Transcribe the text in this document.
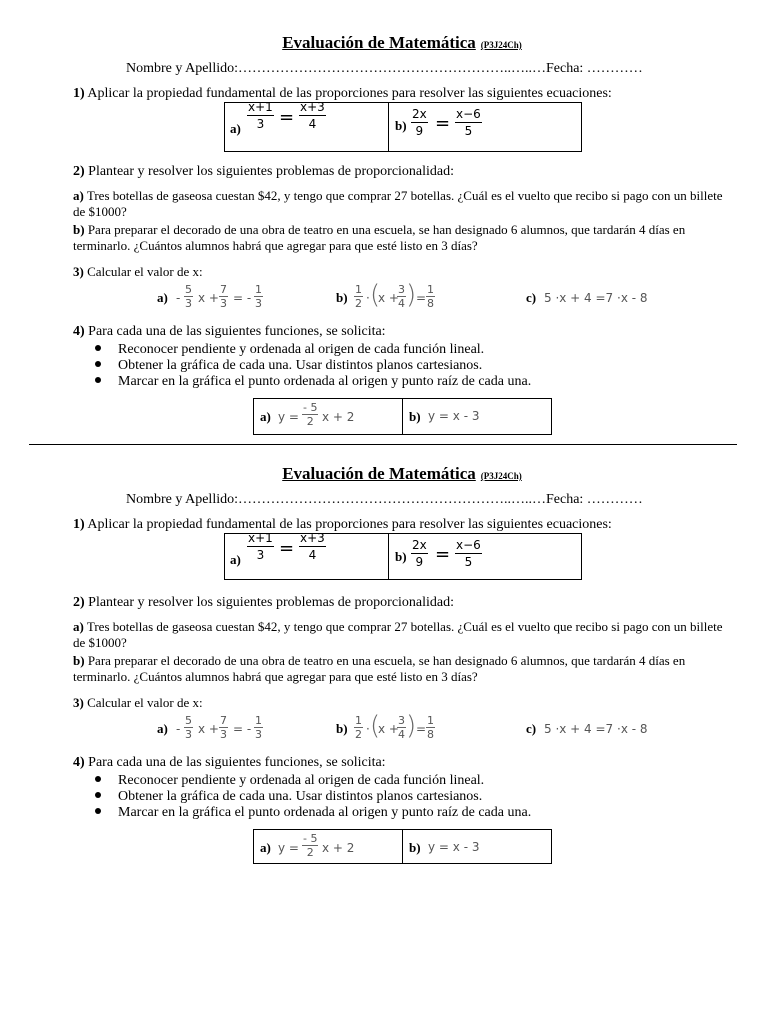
Evaluación de Matemática (P3J24Ch)
Nombre y Apellido:…………………………………………………..…..…Fecha: …………
1) Aplicar la propiedad fundamental de las proporciones para resolver las siguientes ecuaciones:
$a) \frac{x+1}{3} = \frac{x+3}{4}$	$b) \frac{2x}{9} = \frac{x-6}{5}$
2) Plantear y resolver los siguientes problemas de proporcionalidad:
a) Tres botellas de gaseosa cuestan $42, y tengo que comprar 27 botellas. ¿Cuál es el vuelto que recibo si pago con un billete de $1000?
b) Para preparar el decorado de una obra de teatro en una escuela, se han designado 6 alumnos, que tardarán 4 días en terminarlo. ¿Cuántos alumnos habrá que agregar para que esté listo en 3 días?
3) Calcular el valor de x:
$a) - \frac{5}{3}$ $x + \frac{7}{3}$ = - $\frac{1}{3}$	$b) \frac{1}{2}$ · (
x +
$\frac{3}{4}$ ) = $\frac{1}{8}$	c) 5 ·x + 4 =7 ·x - 8
4) Para cada una de las siguientes funciones, se solicita:
Reconocer pendiente y ordenada al origen de cada función lineal.
Obtener la gráfica de cada una. Usar distintos planos cartesianos.
Marcar en la gráfica el punto ordenada al origen y punto raíz de cada una.
a) $y = \frac{- 5}{2}$ x + 2	b) y = x - 3
Evaluación de Matemática (P3J24Ch)
Nombre y Apellido:…………………………………………………..…..…Fecha: …………
1) Aplicar la propiedad fundamental de las proporciones para resolver las siguientes ecuaciones:
$a) \frac{x+1}{3} = \frac{x+3}{4}$	$b) \frac{2x}{9} = \frac{x-6}{5}$
2) Plantear y resolver los siguientes problemas de proporcionalidad:
a) Tres botellas de gaseosa cuestan $42, y tengo que comprar 27 botellas. ¿Cuál es el vuelto que recibo si pago con un billete de $1000?
b) Para preparar el decorado de una obra de teatro en una escuela, se han designado 6 alumnos, que tardarán 4 días en terminarlo. ¿Cuántos alumnos habrá que agregar para que esté listo en 3 días?
3) Calcular el valor de x:
$a) - \frac{5}{3}$ $x + \frac{7}{3}$ = - $\frac{1}{3}$	$b) \frac{1}{2}$ · (
x +
$\frac{3}{4}$ ) = $\frac{1}{8}$	c) 5 ·x + 4 =7 ·x - 8
4) Para cada una de las siguientes funciones, se solicita:
Reconocer pendiente y ordenada al origen de cada función lineal.
Obtener la gráfica de cada una. Usar distintos planos cartesianos.
Marcar en la gráfica el punto ordenada al origen y punto raíz de cada una.
a) $y = \frac{- 5}{2}$ x + 2	b) y = x - 3
